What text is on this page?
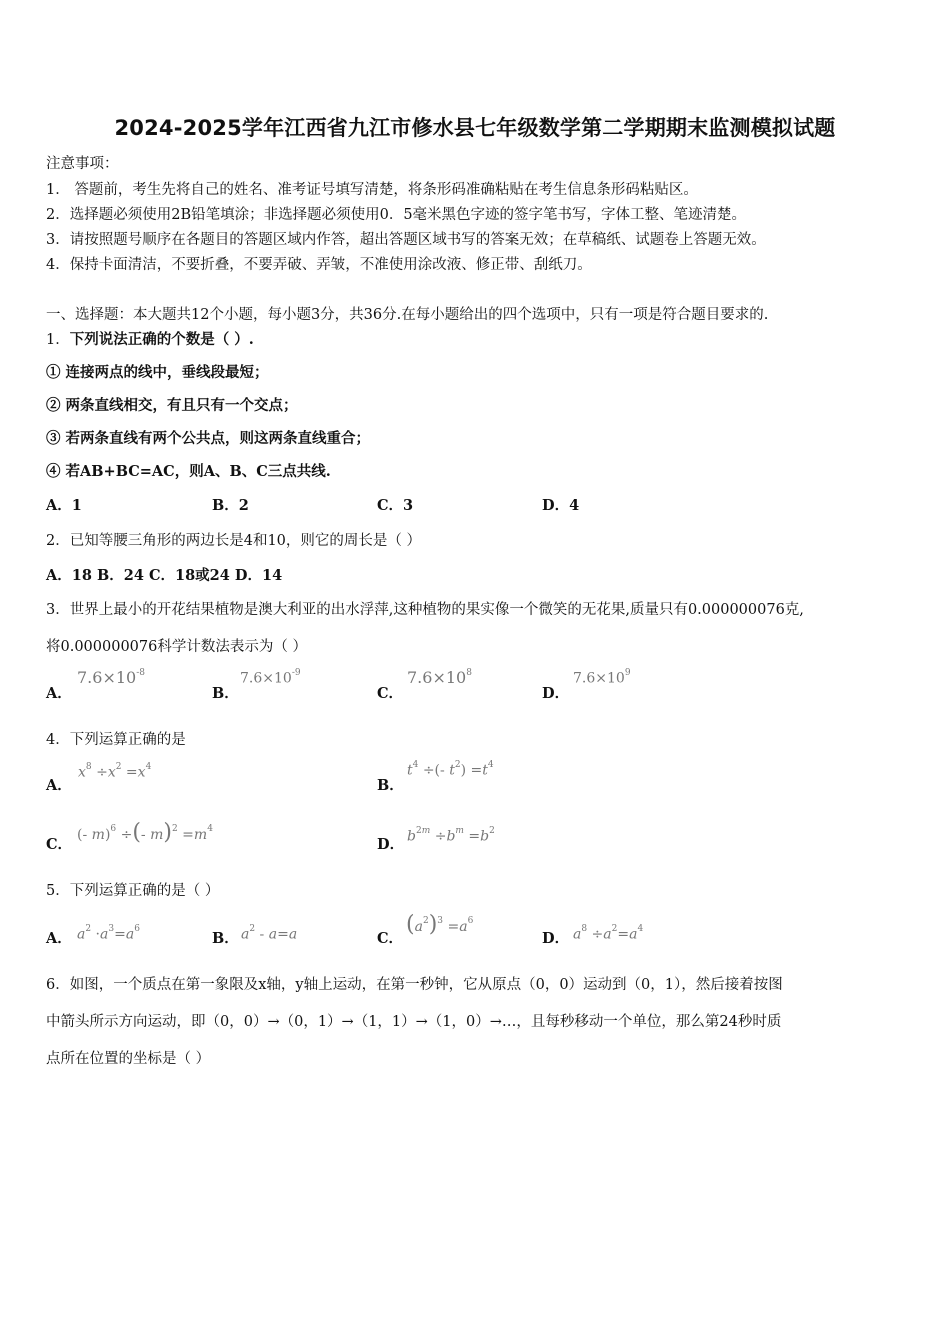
2024-2025学年江西省九江市修水县七年级数学第二学期期末监测模拟试题
注意事项：
1． 答题前，考生先将自己的姓名、准考证号填写清楚，将条形码准确粘贴在考生信息条形码粘贴区。
2．选择题必须使用2B铅笔填涂；非选择题必须使用0．5毫米黑色字迹的签字笔书写，字体工整、笔迹清楚。
3．请按照题号顺序在各题目的答题区域内作答，超出答题区域书写的答案无效；在草稿纸、试题卷上答题无效。
4．保持卡面清洁，不要折叠，不要弄破、弄皱，不准使用涂改液、修正带、刮纸刀。
一、选择题：本大题共12个小题，每小题3分，共36分.在每小题给出的四个选项中，只有一项是符合题目要求的.
1．下列说法正确的个数是（ ）.
① 连接两点的线中，垂线段最短；
② 两条直线相交，有且只有一个交点；
③ 若两条直线有两个公共点，则这两条直线重合；
④ 若AB+BC=AC，则A、B、C三点共线.
A．1	B．2	C．3	D．4
2．已知等腰三角形的两边长是4和10，则它的周长是（ ）
A．18 B．24 C．18或24 D．14
3．世界上最小的开花结果植物是澳大利亚的出水浮萍,这种植物的果实像一个微笑的无花果,质量只有0.000000076克,
将0.000000076科学计数法表示为（ ）
A．
$7.6\times 10^{-8}$
B．
$7.6\times 10^{-9}$
C．
$7.6\times 10^8$
D．
$7.6\times 10^9$
4．下列运算正确的是
A．
$x^8 \div x^2 =x^4$
B．
$t^4$ ÷(- $t^2) =t^4$
C．
(- m)$^6$ ÷(- $m)^2 =m^4$
D． $b^{2m} \div b^m =b^2$
5．下列运算正确的是（ ）
A． $a^2 \cdot a^3=a^6$
B． $a^2 - a=a$	C．
$(a^2)^3 =a^6$
D． $a^8 \div a^2=a^4$
6．如图，一个质点在第一象限及x轴，y轴上运动，在第一秒钟，它从原点（0，0）运动到（0，1），然后接着按图
中箭头所示方向运动，即（0，0）→（0，1）→（1，1）→（1，0）→…，且每秒移动一个单位，那么第24秒时质
点所在位置的坐标是（ ）
